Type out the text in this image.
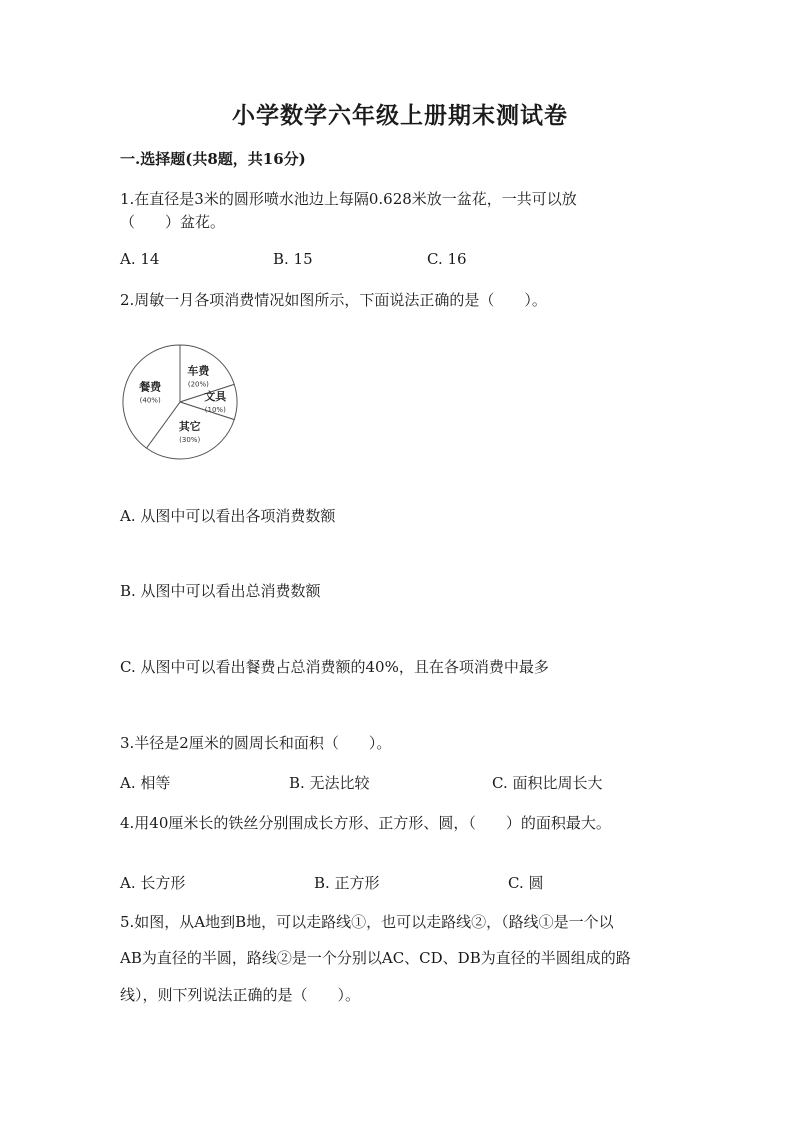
小学数学六年级上册期末测试卷
一.选择题(共8题，共16分)
1.在直径是3米的圆形喷水池边上每隔0.628米放一盆花，一共可以放
（　　）盆花。
A. 14	B. 15	C. 16
2.周敏一月各项消费情况如图所示，下面说法正确的是（　　）。
车费
(20%)
文具
(10%)
其它
(30%)
餐费
(40%)
A. 从图中可以看出各项消费数额
B. 从图中可以看出总消费数额
C. 从图中可以看出餐费占总消费额的40%，且在各项消费中最多
3.半径是2厘米的圆周长和面积（　　）。
A. 相等	B. 无法比较	C. 面积比周长大
4.用40厘米长的铁丝分别围成长方形、正方形、圆，（　　）的面积最大。
A. 长方形	B. 正方形	C. 圆
5.如图，从A地到B地，可以走路线①，也可以走路线②，（路线①是一个以
AB为直径的半圆，路线②是一个分别以AC、CD、DB为直径的半圆组成的路
线），则下列说法正确的是（　　）。
